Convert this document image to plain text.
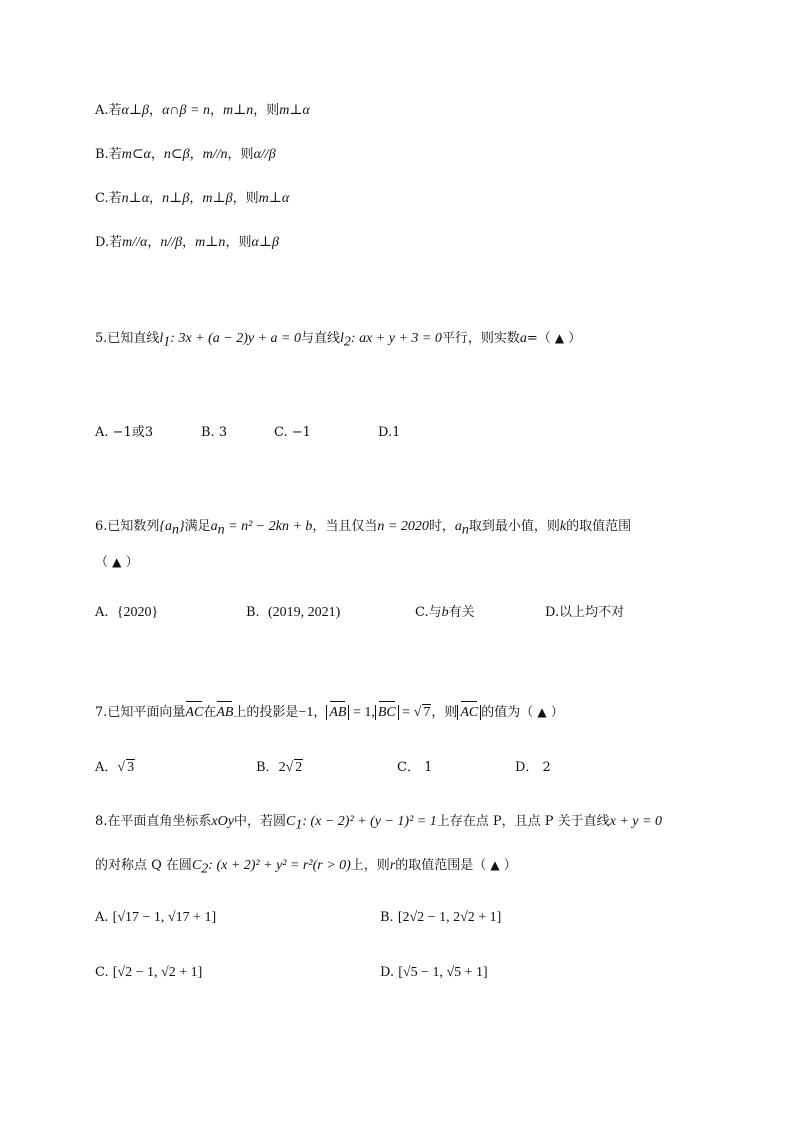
A.若α⊥β，α∩β = n，m⊥n，则m⊥α
B.若m⊂α，n⊂β，m//n，则α//β
C.若n⊥α，n⊥β，m⊥β，则m⊥α
D.若m//α，n//β，m⊥n，则α⊥β
5.已知直线$l_1$: 3x + (a − 2)y + a = 0与直线$l_2$: ax + y + 3 = 0平行，则实数a=（ ▲ ）
A. −1或3	B. 3	C. −1	D.1
6.已知数列$\{a_n\}$满足$a_n = n^2 - 2kn + b$，当且仅当n = 2020时，$a_n$取到最小值，则k的取值范围
（ ▲ ）
A. {2020}	B. (2019, 2021)	C.与b有关	D.以上均不对
7.已知平面向量AC在AB上的投影是−1， AB = 1, BC = √ 7，则 AC 的值为（ ▲ ）
A．√ 3	B．2√ 2	C． 1	D． 2
8.在平面直角坐标系xOy中，若圆$C_1$: (x − 2)² + (y − 1)² = 1上存在点 P，且点 P 关于直线x + y = 0
的对称点 Q 在圆$C_2$: (x + 2)² + y² = r²(r > 0)上，则r的取值范围是（ ▲ ）
A. [√17 − 1, √17 + 1]	B. [2√2 − 1, 2√2 + 1]
C. [√2 − 1, √2 + 1]	D. [√5 − 1, √5 + 1]
